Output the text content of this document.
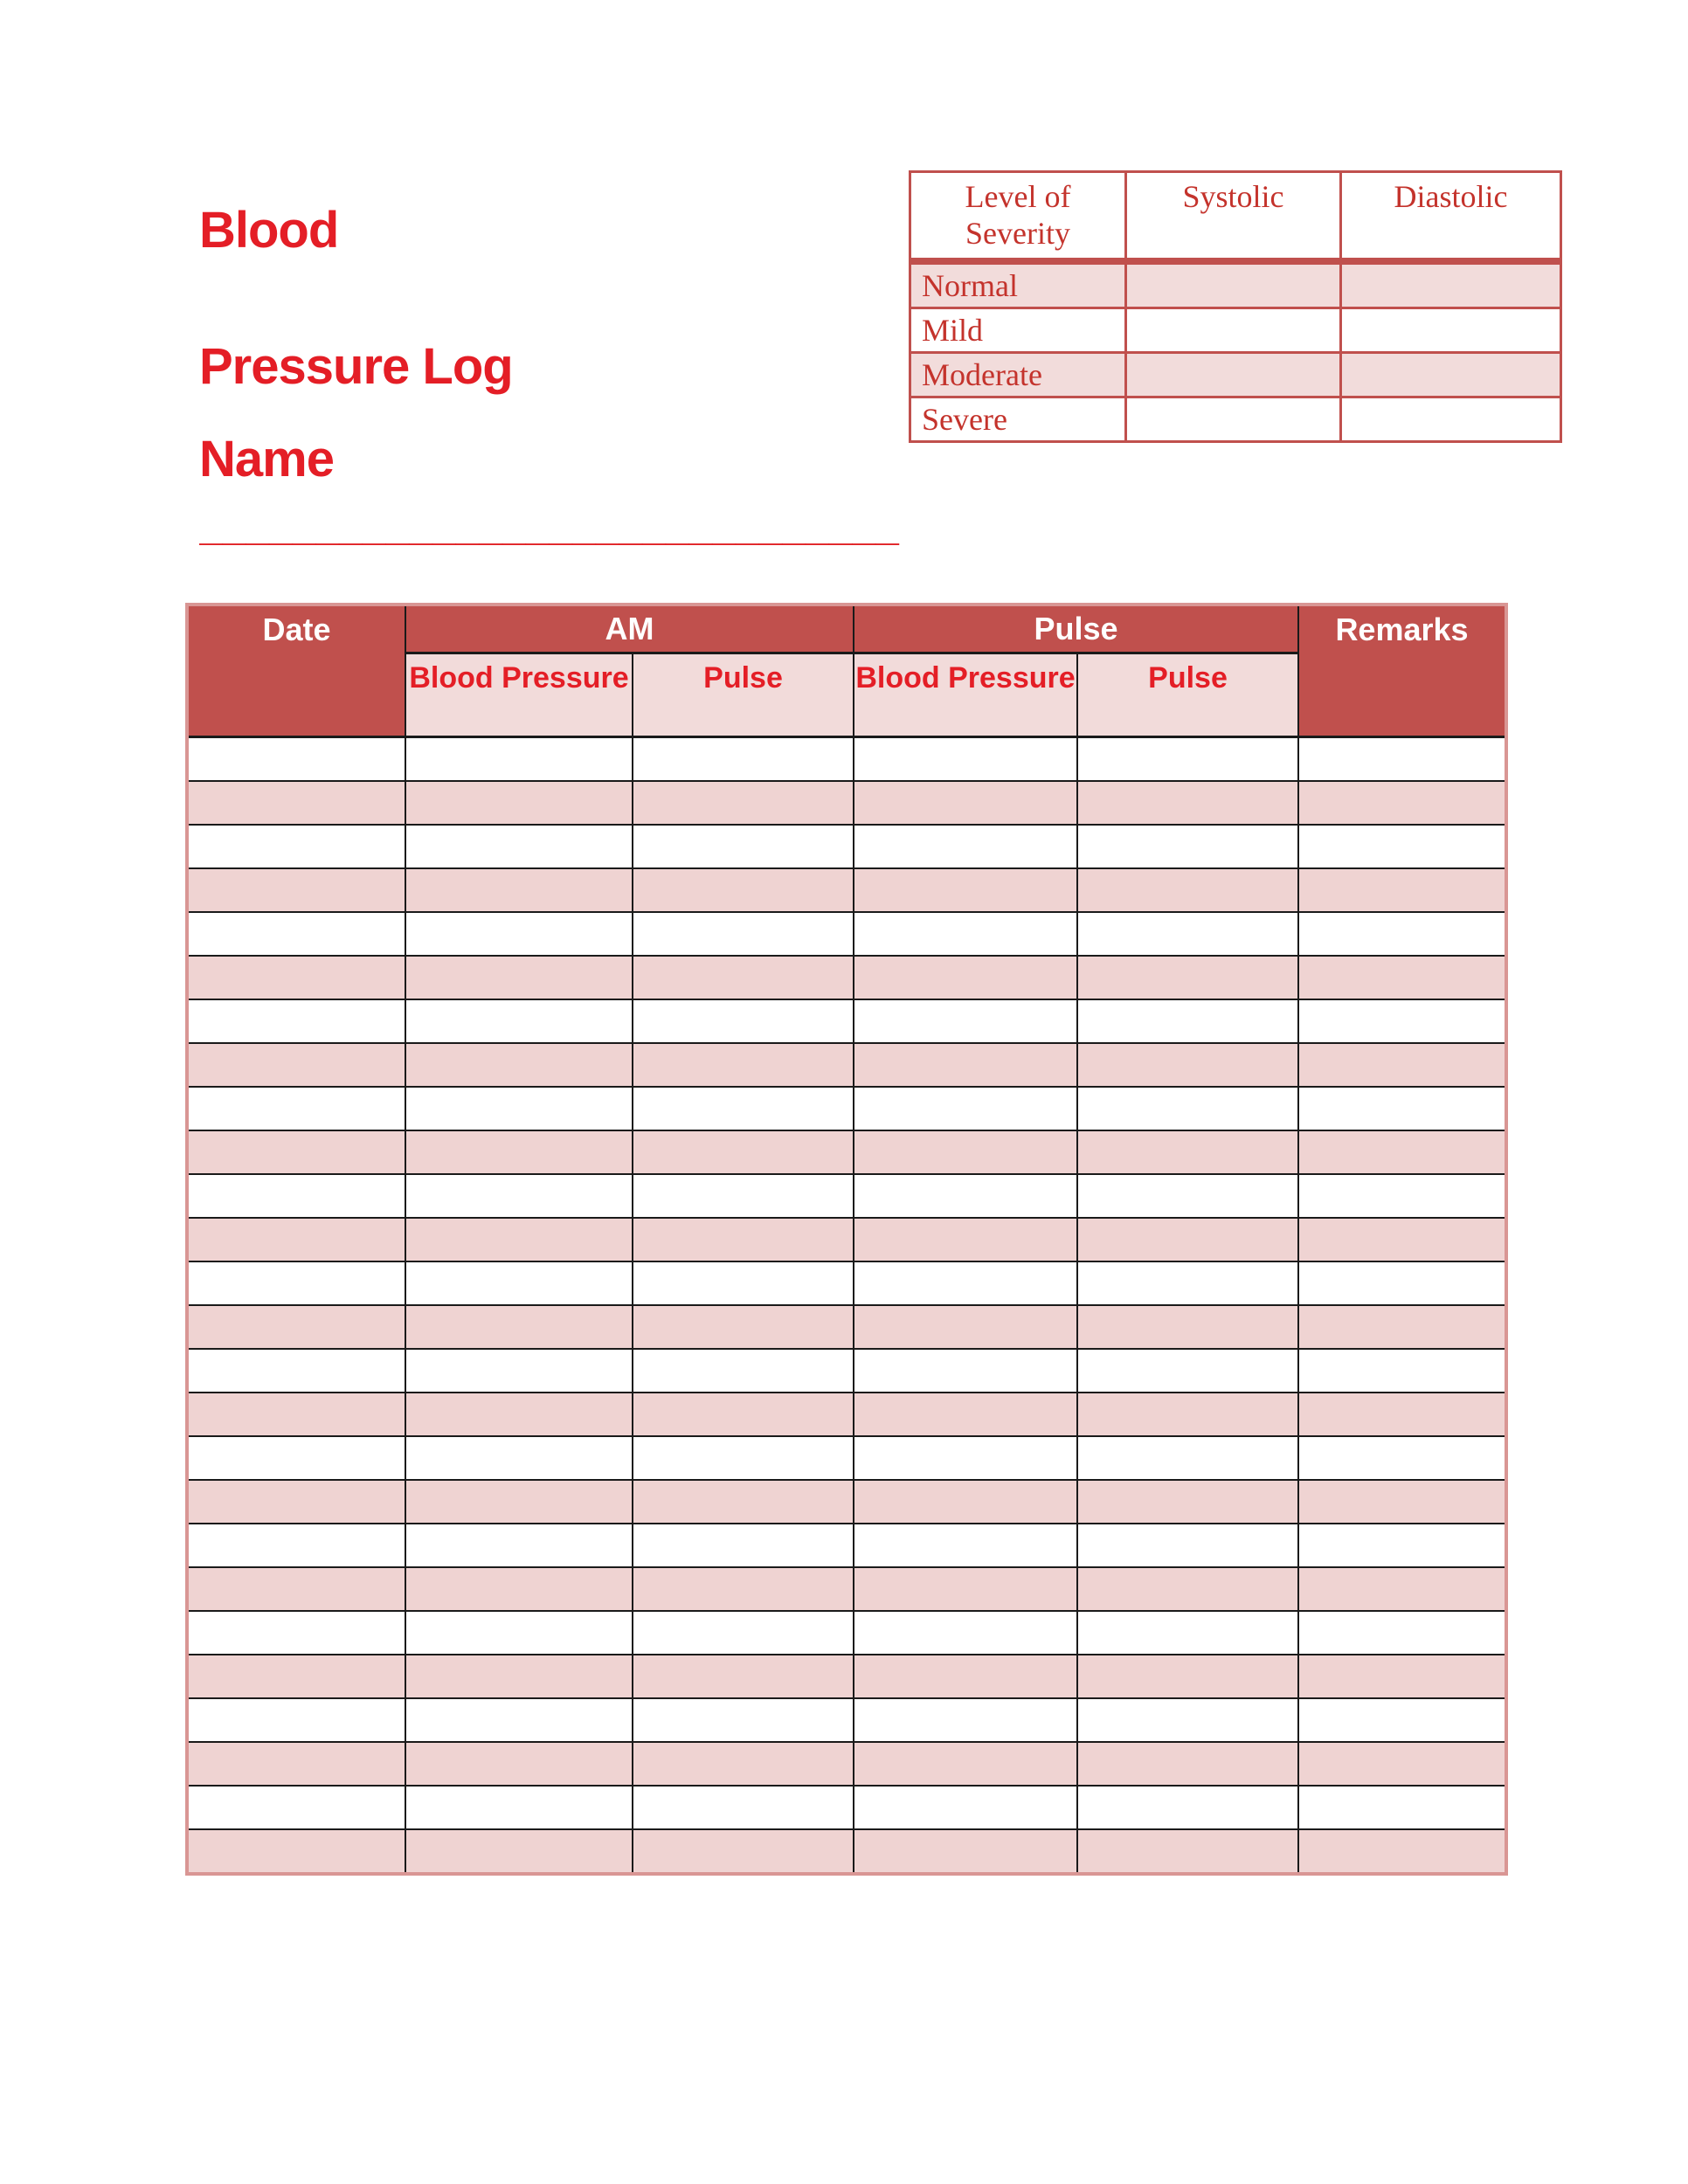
Blood

Pressure Log
Level of Severity	Systolic	Diastolic
Normal		
Mild		
Moderate		
Severe		
Name
______________________________
Date	AM		Pulse		Remarks
	Blood Pressure	Pulse	Blood Pressure	Pulse	
